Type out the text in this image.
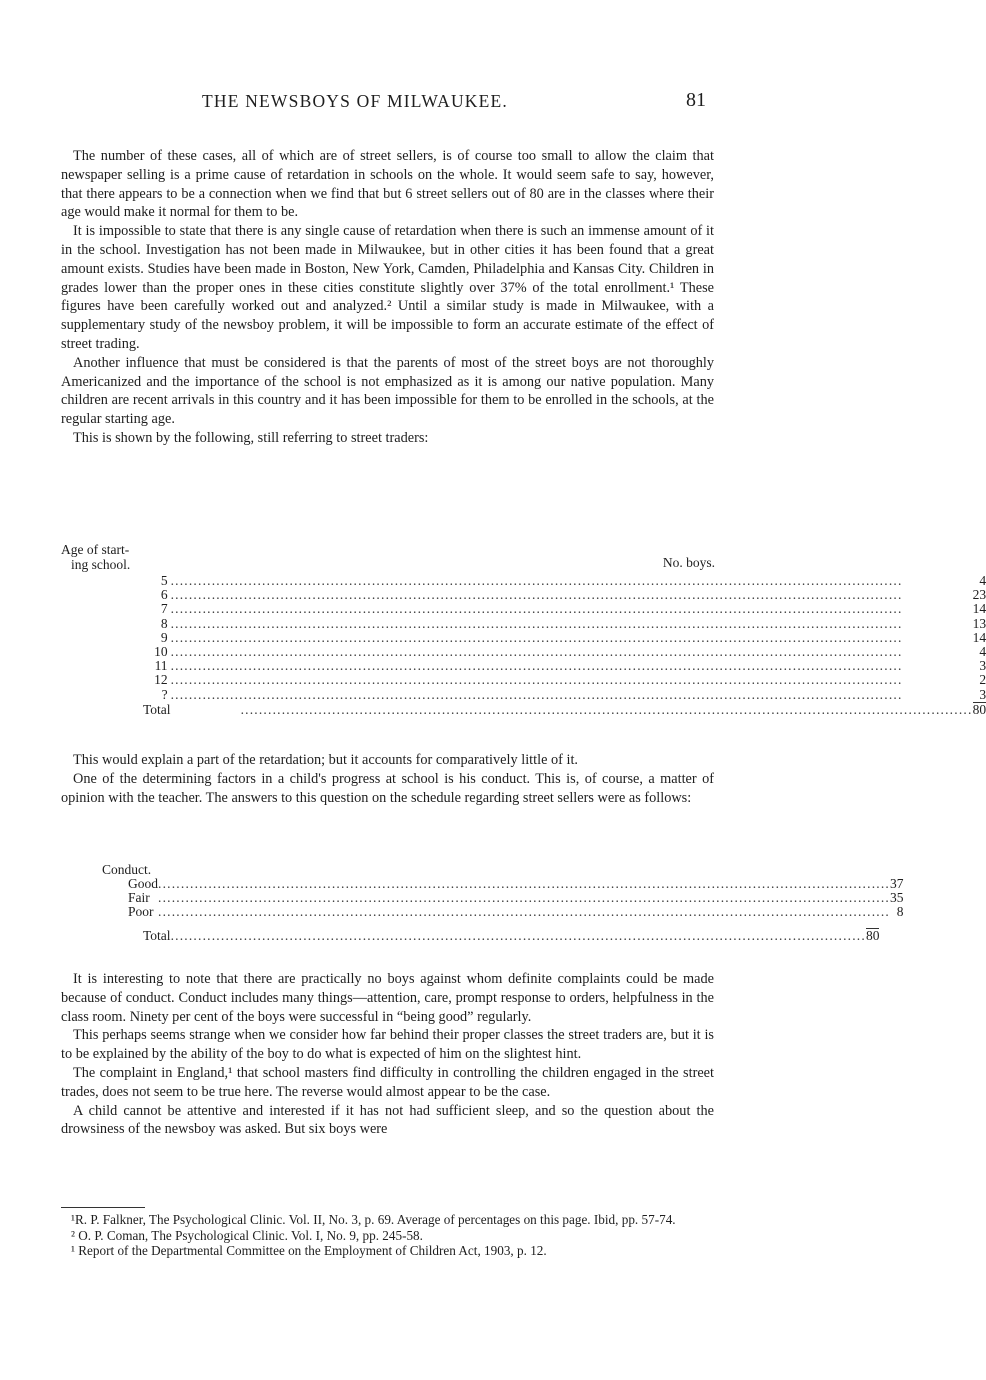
THE NEWSBOYS OF MILWAUKEE.	81

The number of these cases, all of which are of street sellers, is of course too small to allow the claim that newspaper selling is a prime cause of retardation in schools on the whole. It would seem safe to say, however, that there appears to be a connection when we find that but 6 street sellers out of 80 are in the classes where their age would make it normal for them to be.

It is impossible to state that there is any single cause of retardation when there is such an immense amount of it in the school. Investigation has not been made in Milwaukee, but in other cities it has been found that a great amount exists. Studies have been made in Boston, New York, Camden, Philadelphia and Kansas City. Children in grades lower than the proper ones in these cities constitute slightly over 37% of the total enrollment.¹ These figures have been carefully worked out and analyzed.² Until a similar study is made in Milwaukee, with a supplementary study of the newsboy problem, it will be impossible to form an accurate estimate of the effect of street trading.

Another influence that must be considered is that the parents of most of the street boys are not thoroughly Americanized and the importance of the school is not emphasized as it is among our native population. Many children are recent arrivals in this country and it has been impossible for them to be enrolled in the schools, at the regular starting age.

This is shown by the following, still referring to street traders:

Age of start-
ing school.	No. boys.
5	................................................................................................................................................................	4
6	................................................................................................................................................................	23
7	................................................................................................................................................................	14
8	................................................................................................................................................................	13
9	................................................................................................................................................................	14
10	................................................................................................................................................................	4
11	................................................................................................................................................................	3
12	................................................................................................................................................................	2
?	................................................................................................................................................................	3
Total	................................................................................................................................................................	80

This would explain a part of the retardation; but it accounts for comparatively little of it.

One of the determining factors in a child's progress at school is his conduct. This is, of course, a matter of opinion with the teacher. The answers to this question on the schedule regarding street sellers were as follows:

Conduct.
Good	................................................................................................................................................................	37
Fair	................................................................................................................................................................	35
Poor	................................................................................................................................................................	8
Total	........................................................................................................................................................	80

It is interesting to note that there are practically no boys against whom definite complaints could be made because of conduct. Conduct includes many things—attention, care, prompt response to orders, helpfulness in the class room. Ninety per cent of the boys were successful in “being good” regularly.

This perhaps seems strange when we consider how far behind their proper classes the street traders are, but it is to be explained by the ability of the boy to do what is expected of him on the slightest hint.

The complaint in England,¹ that school masters find difficulty in controlling the children engaged in the street trades, does not seem to be true here. The reverse would almost appear to be the case.

A child cannot be attentive and interested if it has not had sufficient sleep, and so the question about the drowsiness of the newsboy was asked. But six boys were

¹R. P. Falkner, The Psychological Clinic. Vol. II, No. 3, p. 69. Average of percentages on this page. Ibid, pp. 57-74.

² O. P. Coman, The Psychological Clinic. Vol. I, No. 9, pp. 245-58.

¹ Report of the Departmental Committee on the Employment of Children Act, 1903, p. 12.
